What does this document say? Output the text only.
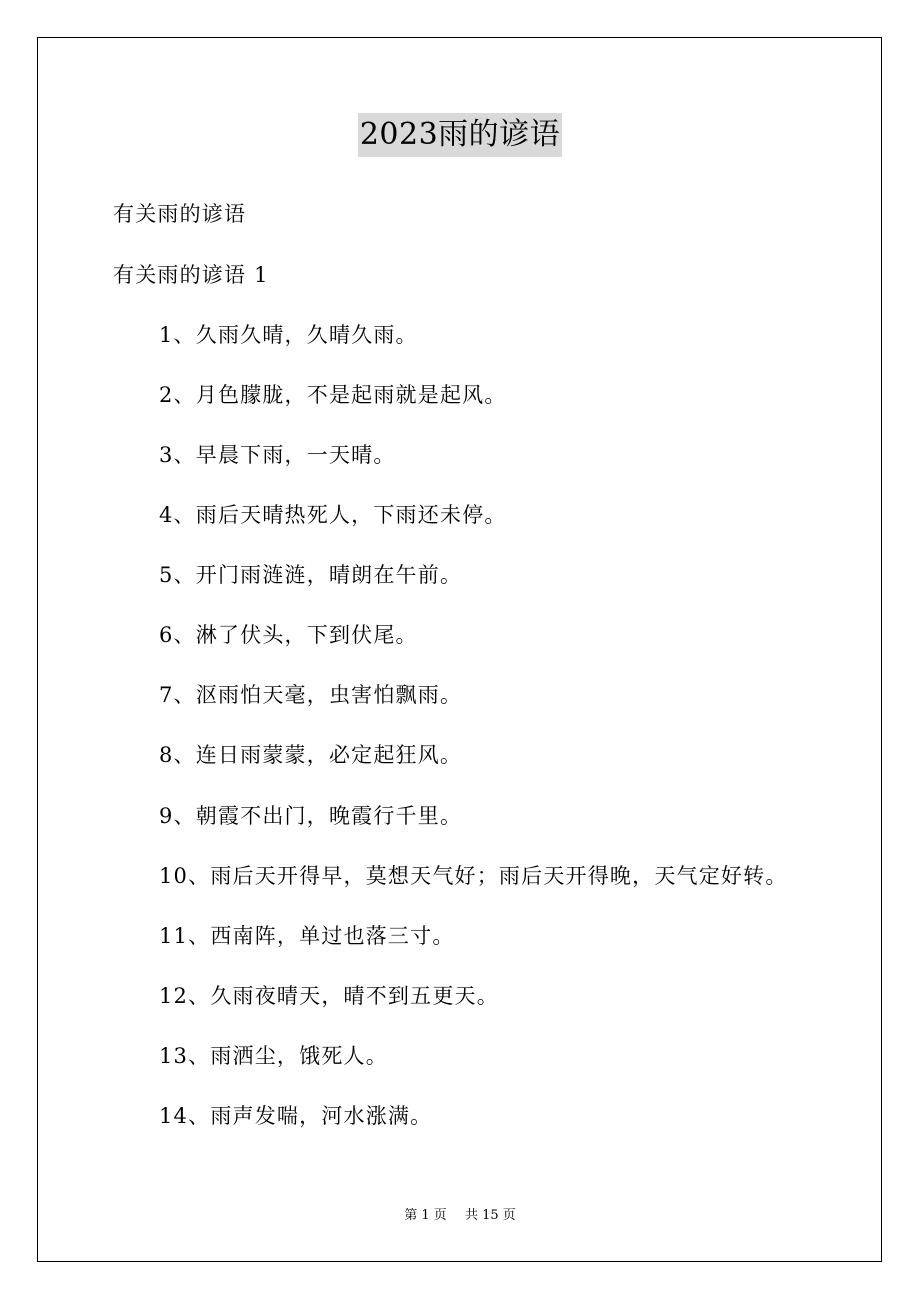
2023雨的谚语
有关雨的谚语
有关雨的谚语 1
1、久雨久晴，久晴久雨。
2、月色朦胧，不是起雨就是起风。
3、早晨下雨，一天晴。
4、雨后天晴热死人，下雨还未停。
5、开门雨涟涟，晴朗在午前。
6、淋了伏头，下到伏尾。
7、沤雨怕天毫，虫害怕飘雨。
8、连日雨蒙蒙，必定起狂风。
9、朝霞不出门，晚霞行千里。
10、雨后天开得早，莫想天气好；雨后天开得晚，天气定好转。
11、西南阵，单过也落三寸。
12、久雨夜晴天，晴不到五更天。
13、雨洒尘，饿死人。
14、雨声发喘，河水涨满。
第 1 页 共 15 页
